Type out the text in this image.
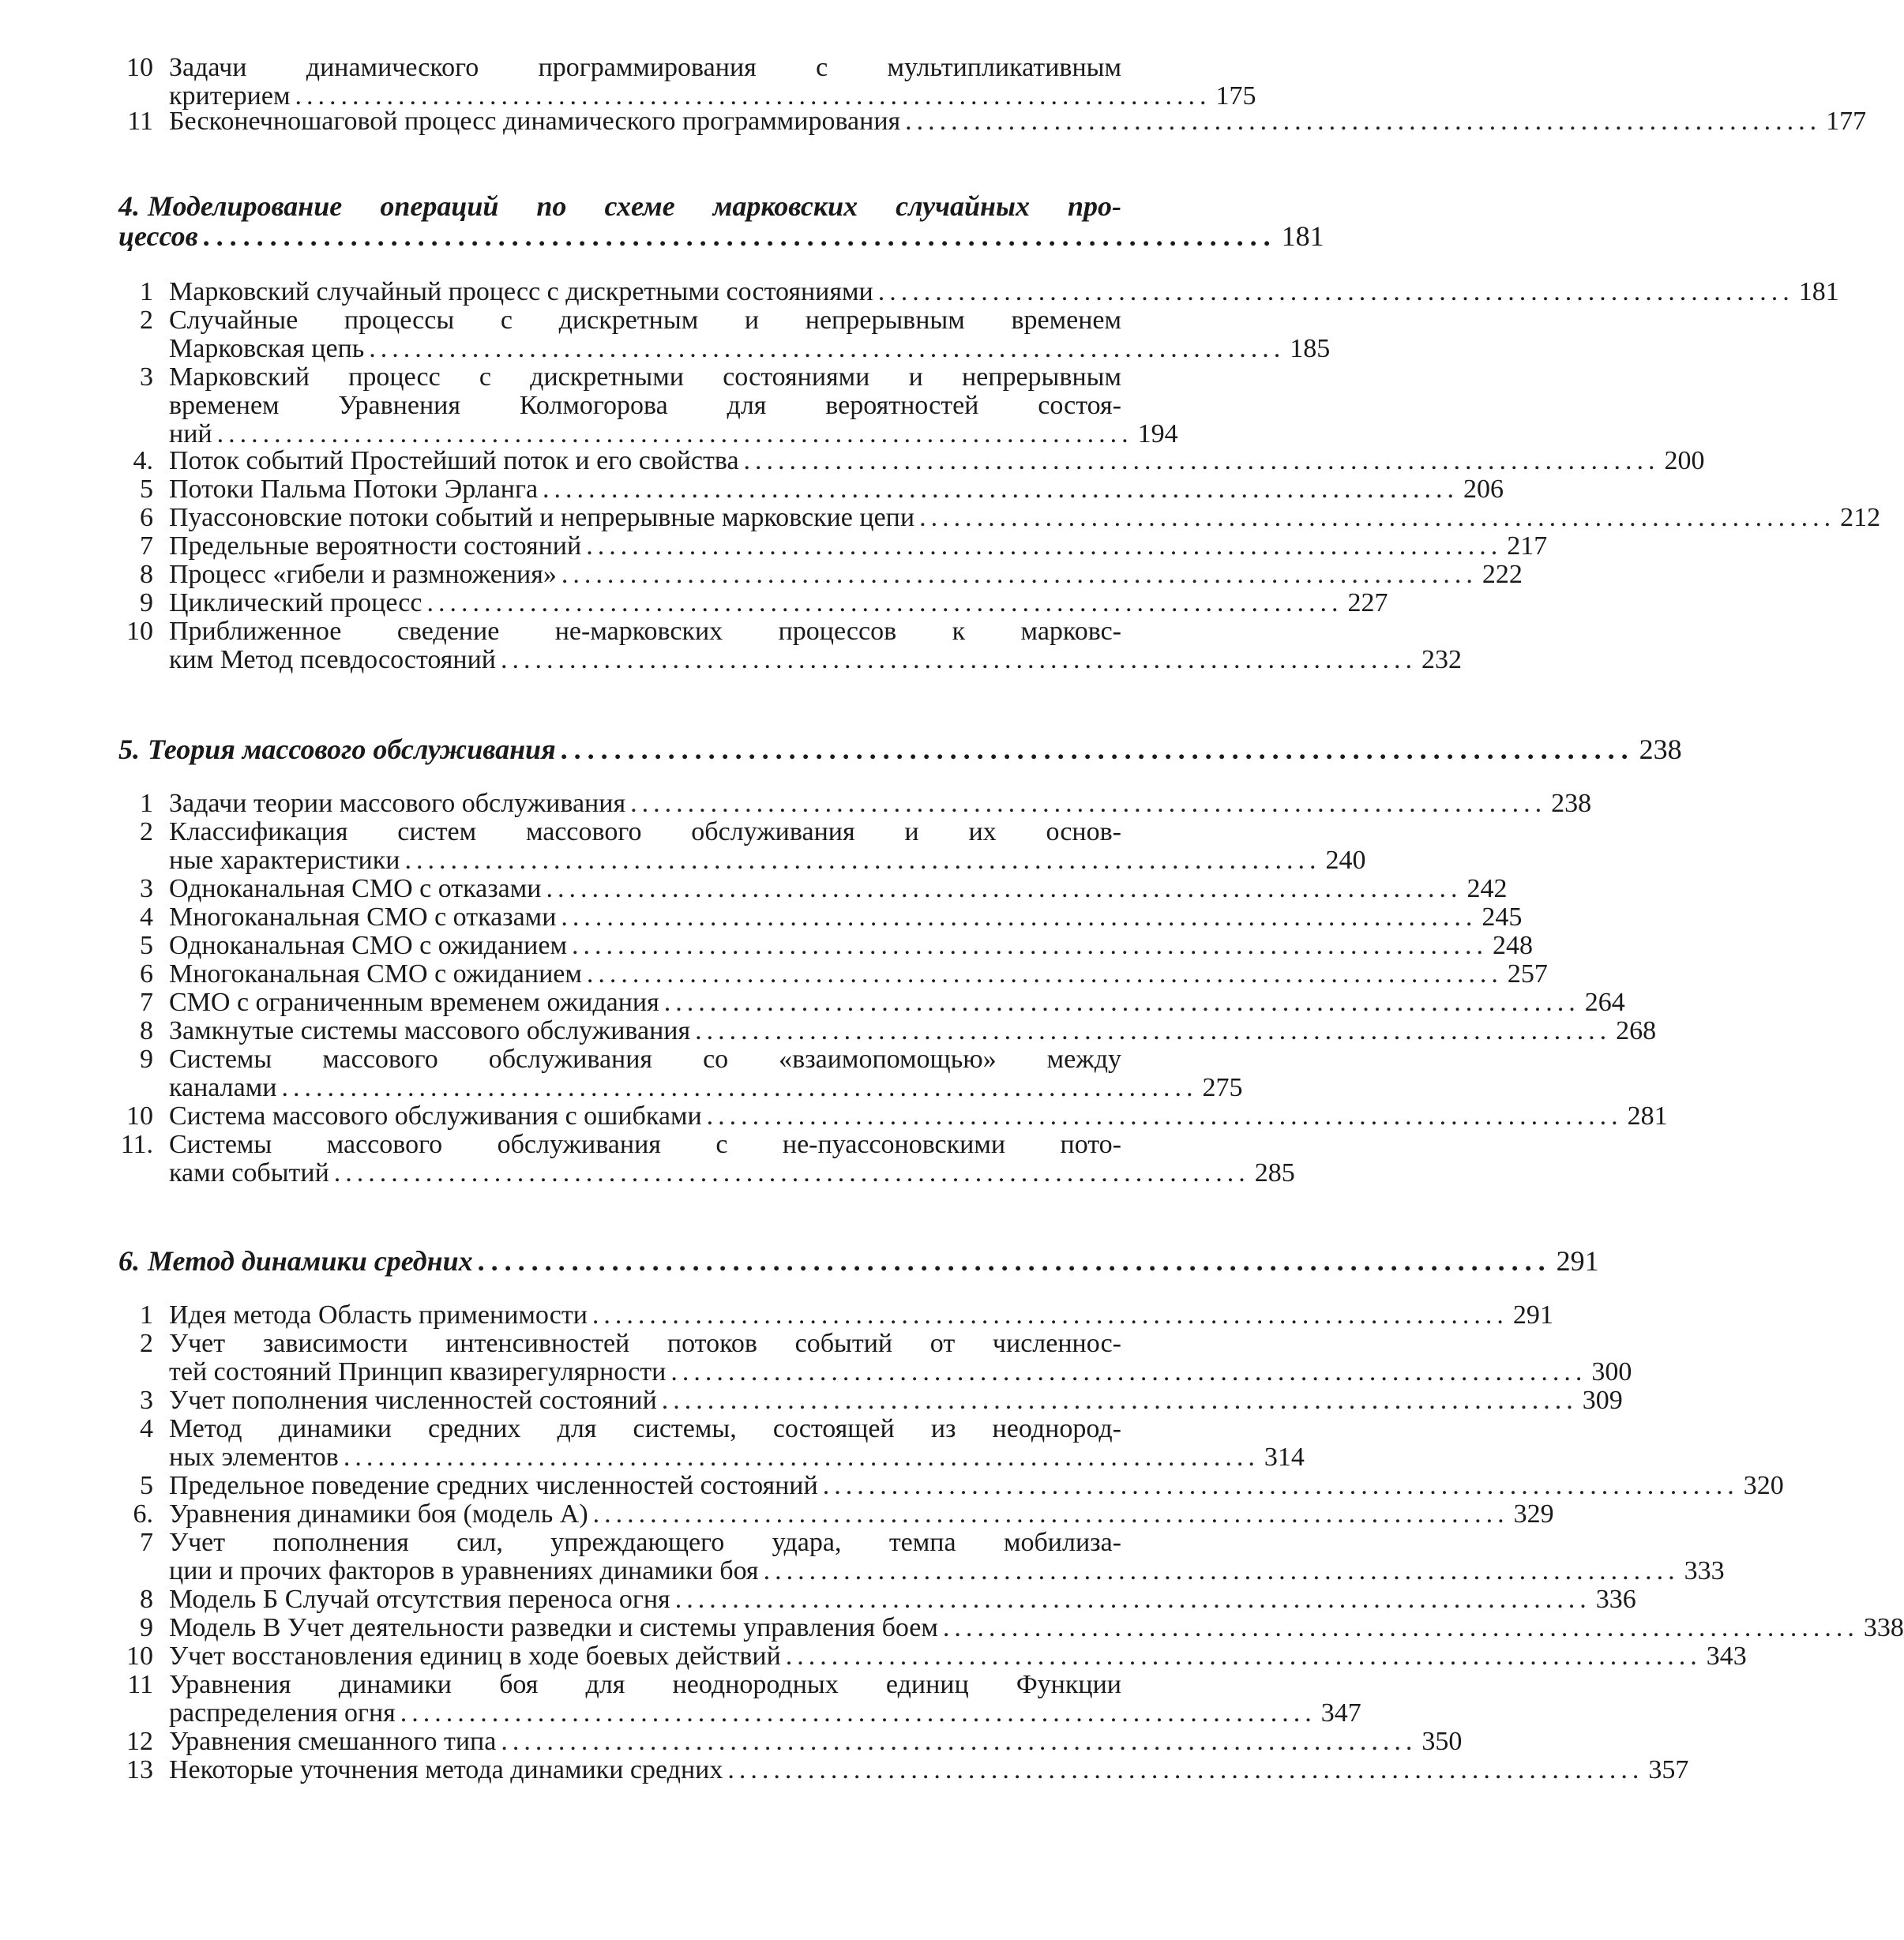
10 Задачи динамического программирования с мультипликативным
критерием ................................................................................ 175
11 Бесконечношаговой процесс динамического программирования ................................................................................ 177
4. Моделирование операций по схеме марковских случайных про-
цессов ................................................................................ 181
1 Марковский случайный процесс с дискретными состояниями ................................................................................ 181
2 Случайные процессы с дискретным и непрерывным временем
Марковская цепь ................................................................................ 185
3 Марковский процесс с дискретными состояниями и непрерывным
временем Уравнения Колмогорова для вероятностей состоя-
ний ................................................................................ 194
4. Поток событий Простейший поток и его свойства ................................................................................ 200
5 Потоки Пальма Потоки Эрланга ................................................................................ 206
6 Пуассоновские потоки событий и непрерывные марковские цепи ................................................................................ 212
7 Предельные вероятности состояний ................................................................................ 217
8 Процесс «гибели и размножения» ................................................................................ 222
9 Циклический процесс ................................................................................ 227
10 Приближенное сведение не-марковских процессов к марковс-
ким Метод псевдосостояний ................................................................................ 232
5. Теория массового обслуживания ................................................................................ 238
1 Задачи теории массового обслуживания ................................................................................ 238
2 Классификация систем массового обслуживания и их основ-
ные характеристики ................................................................................ 240
3 Одноканальная СМО с отказами ................................................................................ 242
4 Многоканальная СМО с отказами ................................................................................ 245
5 Одноканальная СМО с ожиданием ................................................................................ 248
6 Многоканальная СМО с ожиданием ................................................................................ 257
7 СМО с ограниченным временем ожидания ................................................................................ 264
8 Замкнутые системы массового обслуживания ................................................................................ 268
9 Системы массового обслуживания со «взаимопомощью» между
каналами ................................................................................ 275
10 Система массового обслуживания с ошибками ................................................................................ 281
11. Системы массового обслуживания с не-пуассоновскими пото-
ками событий ................................................................................ 285
6. Метод динамики средних ................................................................................ 291
1 Идея метода Область применимости ................................................................................ 291
2 Учет зависимости интенсивностей потоков событий от численнос-
тей состояний Принцип квазирегулярности ................................................................................ 300
3 Учет пополнения численностей состояний ................................................................................ 309
4 Метод динамики средних для системы, состоящей из неоднород-
ных элементов ................................................................................ 314
5 Предельное поведение средних численностей состояний ................................................................................ 320
6. Уравнения динамики боя (модель А) ................................................................................ 329
7 Учет пополнения сил, упреждающего удара, темпа мобилиза-
ции и прочих факторов в уравнениях динамики боя ................................................................................ 333
8 Модель Б Случай отсутствия переноса огня ................................................................................ 336
9 Модель В Учет деятельности разведки и системы управления боем ................................................................................ 338
10 Учет восстановления единиц в ходе боевых действий ................................................................................ 343
11 Уравнения динамики боя для неоднородных единиц Функции
распределения огня ................................................................................ 347
12 Уравнения смешанного типа ................................................................................ 350
13 Некоторые уточнения метода динамики средних ................................................................................ 357
